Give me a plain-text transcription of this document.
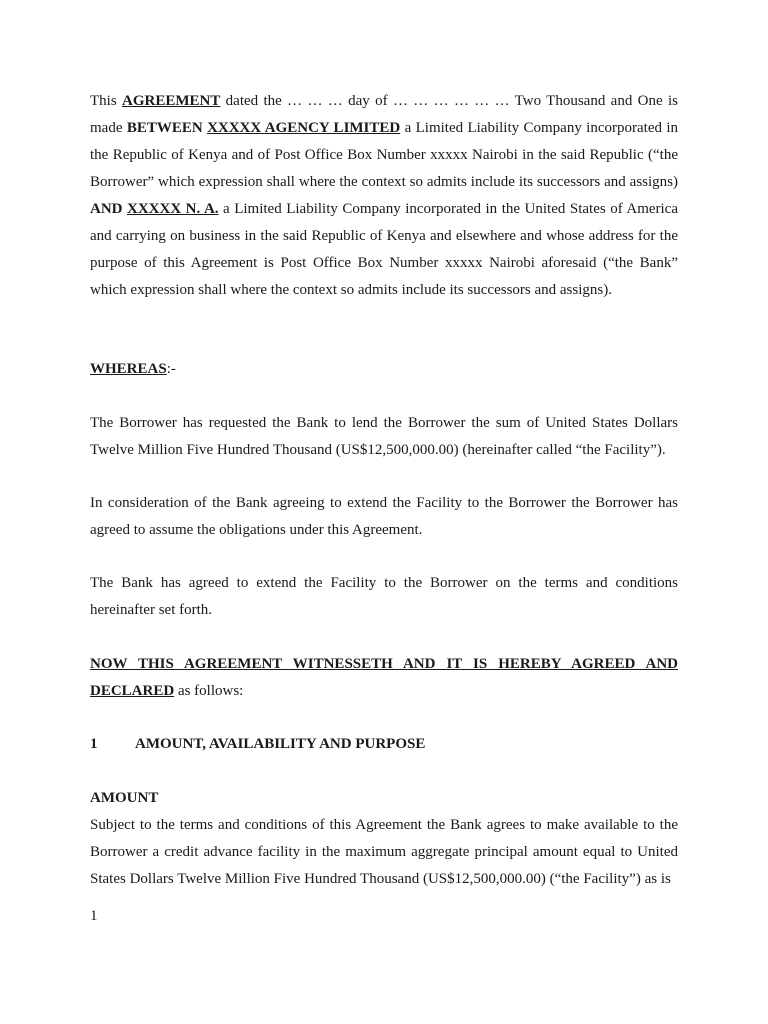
This AGREEMENT dated the … … … day of … … … … … … Two Thousand and One is made BETWEEN XXXXX AGENCY LIMITED a Limited Liability Company incorporated in the Republic of Kenya and of Post Office Box Number xxxxx Nairobi in the said Republic (“the Borrower” which expression shall where the context so admits include its successors and assigns) AND XXXXX N. A. a Limited Liability Company incorporated in the United States of America and carrying on business in the said Republic of Kenya and elsewhere and whose address for the purpose of this Agreement is Post Office Box Number xxxxx Nairobi aforesaid (“the Bank” which expression shall where the context so admits include its successors and assigns).

WHEREAS:-

The Borrower has requested the Bank to lend the Borrower the sum of United States Dollars Twelve Million Five Hundred Thousand (US$12,500,000.00) (hereinafter called “the Facility”).

In consideration of the Bank agreeing to extend the Facility to the Borrower the Borrower has agreed to assume the obligations under this Agreement.

The Bank has agreed to extend the Facility to the Borrower on the terms and conditions hereinafter set forth.

NOW THIS AGREEMENT WITNESSETH AND IT IS HEREBY AGREED AND DECLARED as follows:

1	AMOUNT, AVAILABILITY AND PURPOSE

AMOUNT

Subject to the terms and conditions of this Agreement the Bank agrees to make available to the Borrower a credit advance facility in the maximum aggregate principal amount equal to United States Dollars Twelve Million Five Hundred Thousand (US$12,500,000.00) (“the Facility”) as is

1
